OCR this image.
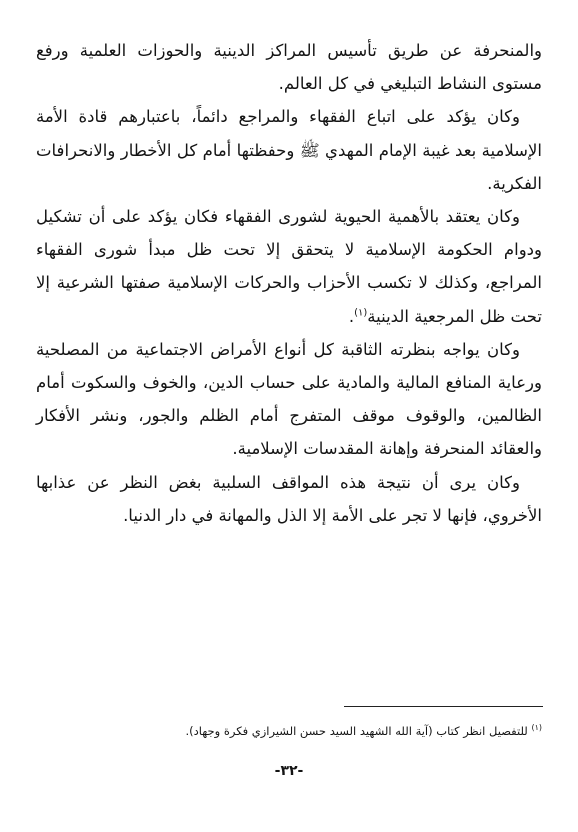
والمنحرفة عن طريق تأسيس المراكز الدينية والحوزات العلمية ورفع مستوى النشاط التبليغي في كل العالم.

وكان يؤكد على اتباع الفقهاء والمراجع دائماً، باعتبارهم قادة الأمة الإسلامية بعد غيبة الإمام المهدي ﷺ وحفظتها أمام كل الأخطار والانحرافات الفكرية.

وكان يعتقد بالأهمية الحيوية لشورى الفقهاء فكان يؤكد على أن تشكيل ودوام الحكومة الإسلامية لا يتحقق إلا تحت ظل مبدأ شورى الفقهاء المراجع، وكذلك لا تكسب الأحزاب والحركات الإسلامية صفتها الشرعية إلا تحت ظل المرجعية الدينية$^{(١)}$.

وكان يواجه بنظرته الثاقبة كل أنواع الأمراض الاجتماعية من المصلحية ورعاية المنافع المالية والمادية على حساب الدين، والخوف والسكوت أمام الظالمين، والوقوف موقف المتفرج أمام الظلم والجور، ونشر الأفكار والعقائد المنحرفة وإهانة المقدسات الإسلامية.

وكان يرى أن نتيجة هذه المواقف السلبية بغض النظر عن عذابها الأخروي، فإنها لا تجر على الأمة إلا الذل والمهانة في دار الدنيا.

$^{(١)}$ للتفصيل انظر كتاب (آية الله الشهيد السيد حسن الشيرازي فكرة وجهاد).
-٣٢-
